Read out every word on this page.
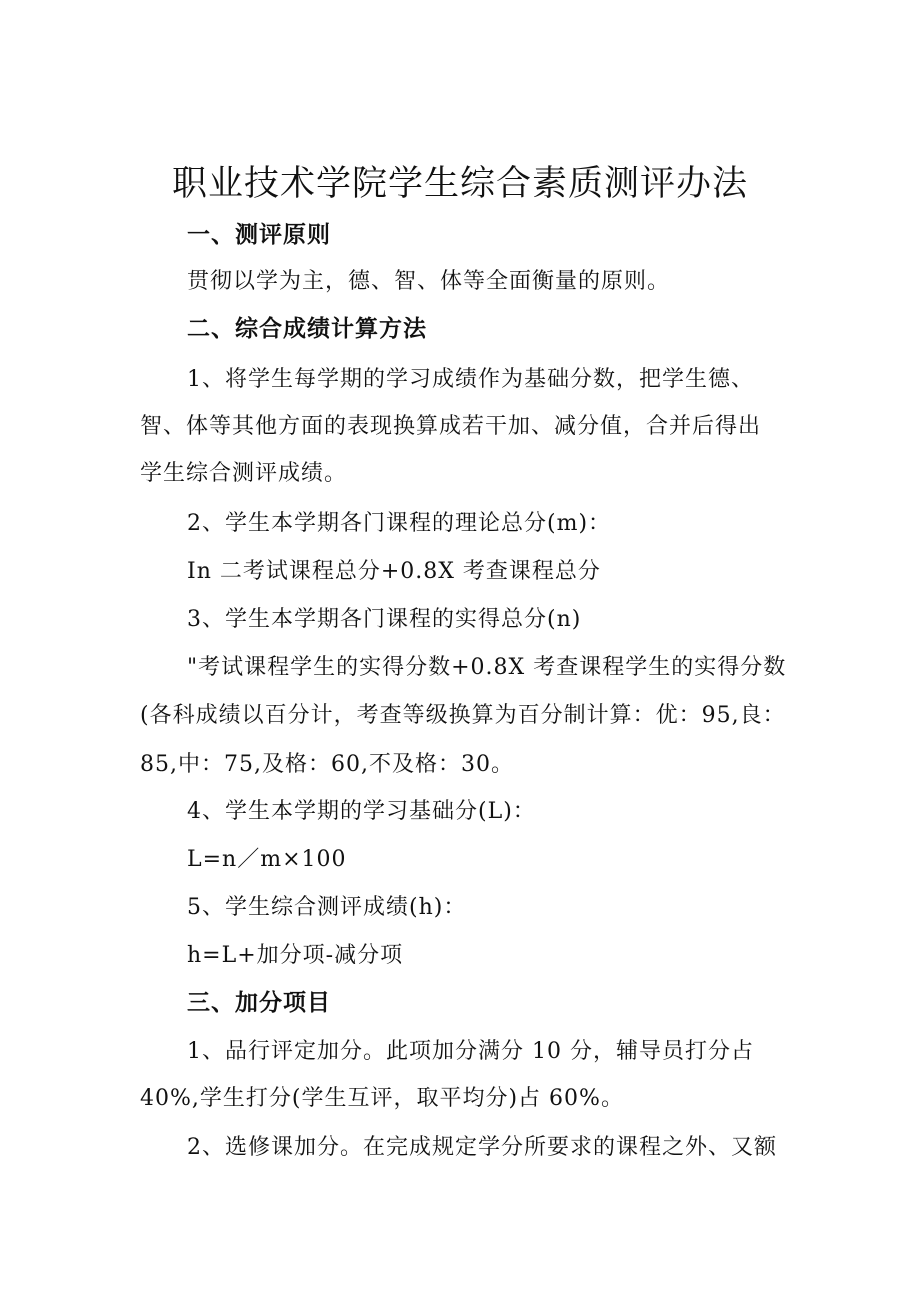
职业技术学院学生综合素质测评办法
一、测评原则
贯彻以学为主，德、智、体等全面衡量的原则。
二、综合成绩计算方法
1、将学生每学期的学习成绩作为基础分数，把学生德、
智、体等其他方面的表现换算成若干加、减分值，合并后得出
学生综合测评成绩。
2、学生本学期各门课程的理论总分(m)：
In 二考试课程总分+0.8X 考查课程总分
3、学生本学期各门课程的实得总分(n)
"考试课程学生的实得分数+0.8X 考查课程学生的实得分数
(各科成绩以百分计，考查等级换算为百分制计算：优：95,良：
85,中：75,及格：60,不及格：30。
4、学生本学期的学习基础分(L)：
L=n／m×100
5、学生综合测评成绩(h)：
h=L+加分项-减分项
三、加分项目
1、品行评定加分。此项加分满分 10 分，辅导员打分占
40%,学生打分(学生互评，取平均分)占 60%。
2、选修课加分。在完成规定学分所要求的课程之外、又额
